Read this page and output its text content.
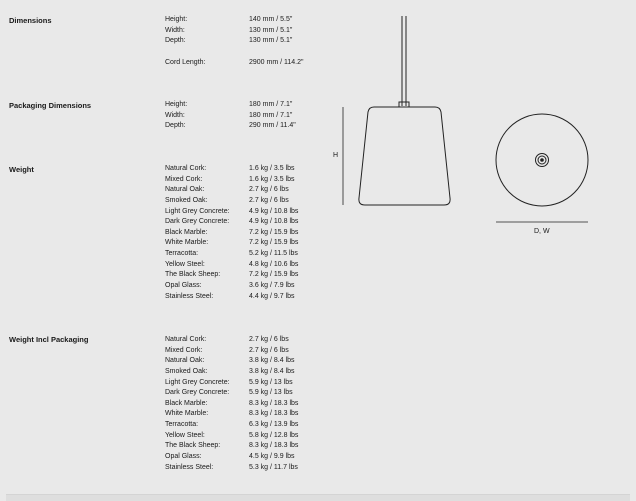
Dimensions	Height:	140 mm / 5.5"
Width:	130 mm / 5.1"
Depth:	130 mm / 5.1"
Cord Length:	2900 mm / 114.2"
Packaging Dimensions	Height:	180 mm / 7.1"
Width:	180 mm / 7.1"
Depth:	290 mm / 11.4"
Weight	Natural Cork:	1.6 kg / 3.5 lbs
Mixed Cork:	1.6 kg / 3.5 lbs
Natural Oak:	2.7 kg / 6 lbs
Smoked Oak:	2.7 kg / 6 lbs
Light Grey Concrete:	4.9 kg / 10.8 lbs
Dark Grey Concrete:	4.9 kg / 10.8 lbs
Black Marble:	7.2 kg / 15.9 lbs
White Marble:	7.2 kg / 15.9 lbs
Terracotta:	5.2 kg / 11.5 lbs
Yellow Steel:	4.8 kg / 10.6 lbs
The Black Sheep:	7.2 kg / 15.9 lbs
Opal Glass:	3.6 kg / 7.9 lbs
Stainless Steel:	4.4 kg / 9.7 lbs
Weight Incl Packaging	Natural Cork:	2.7 kg / 6 lbs
Mixed Cork:	2.7 kg / 6 lbs
Natural Oak:	3.8 kg / 8.4 lbs
Smoked Oak:	3.8 kg / 8.4 lbs
Light Grey Concrete:	5.9 kg / 13 lbs
Dark Grey Concrete:	5.9 kg / 13 lbs
Black Marble:	8.3 kg / 18.3 lbs
White Marble:	8.3 kg / 18.3 lbs
Terracotta:	6.3 kg / 13.9 lbs
Yellow Steel:	5.8 kg / 12.8 lbs
The Black Sheep:	8.3 kg / 18.3 lbs
Opal Glass:	4.5 kg / 9.9 lbs
Stainless Steel:	5.3 kg / 11.7 lbs
H
D, W
